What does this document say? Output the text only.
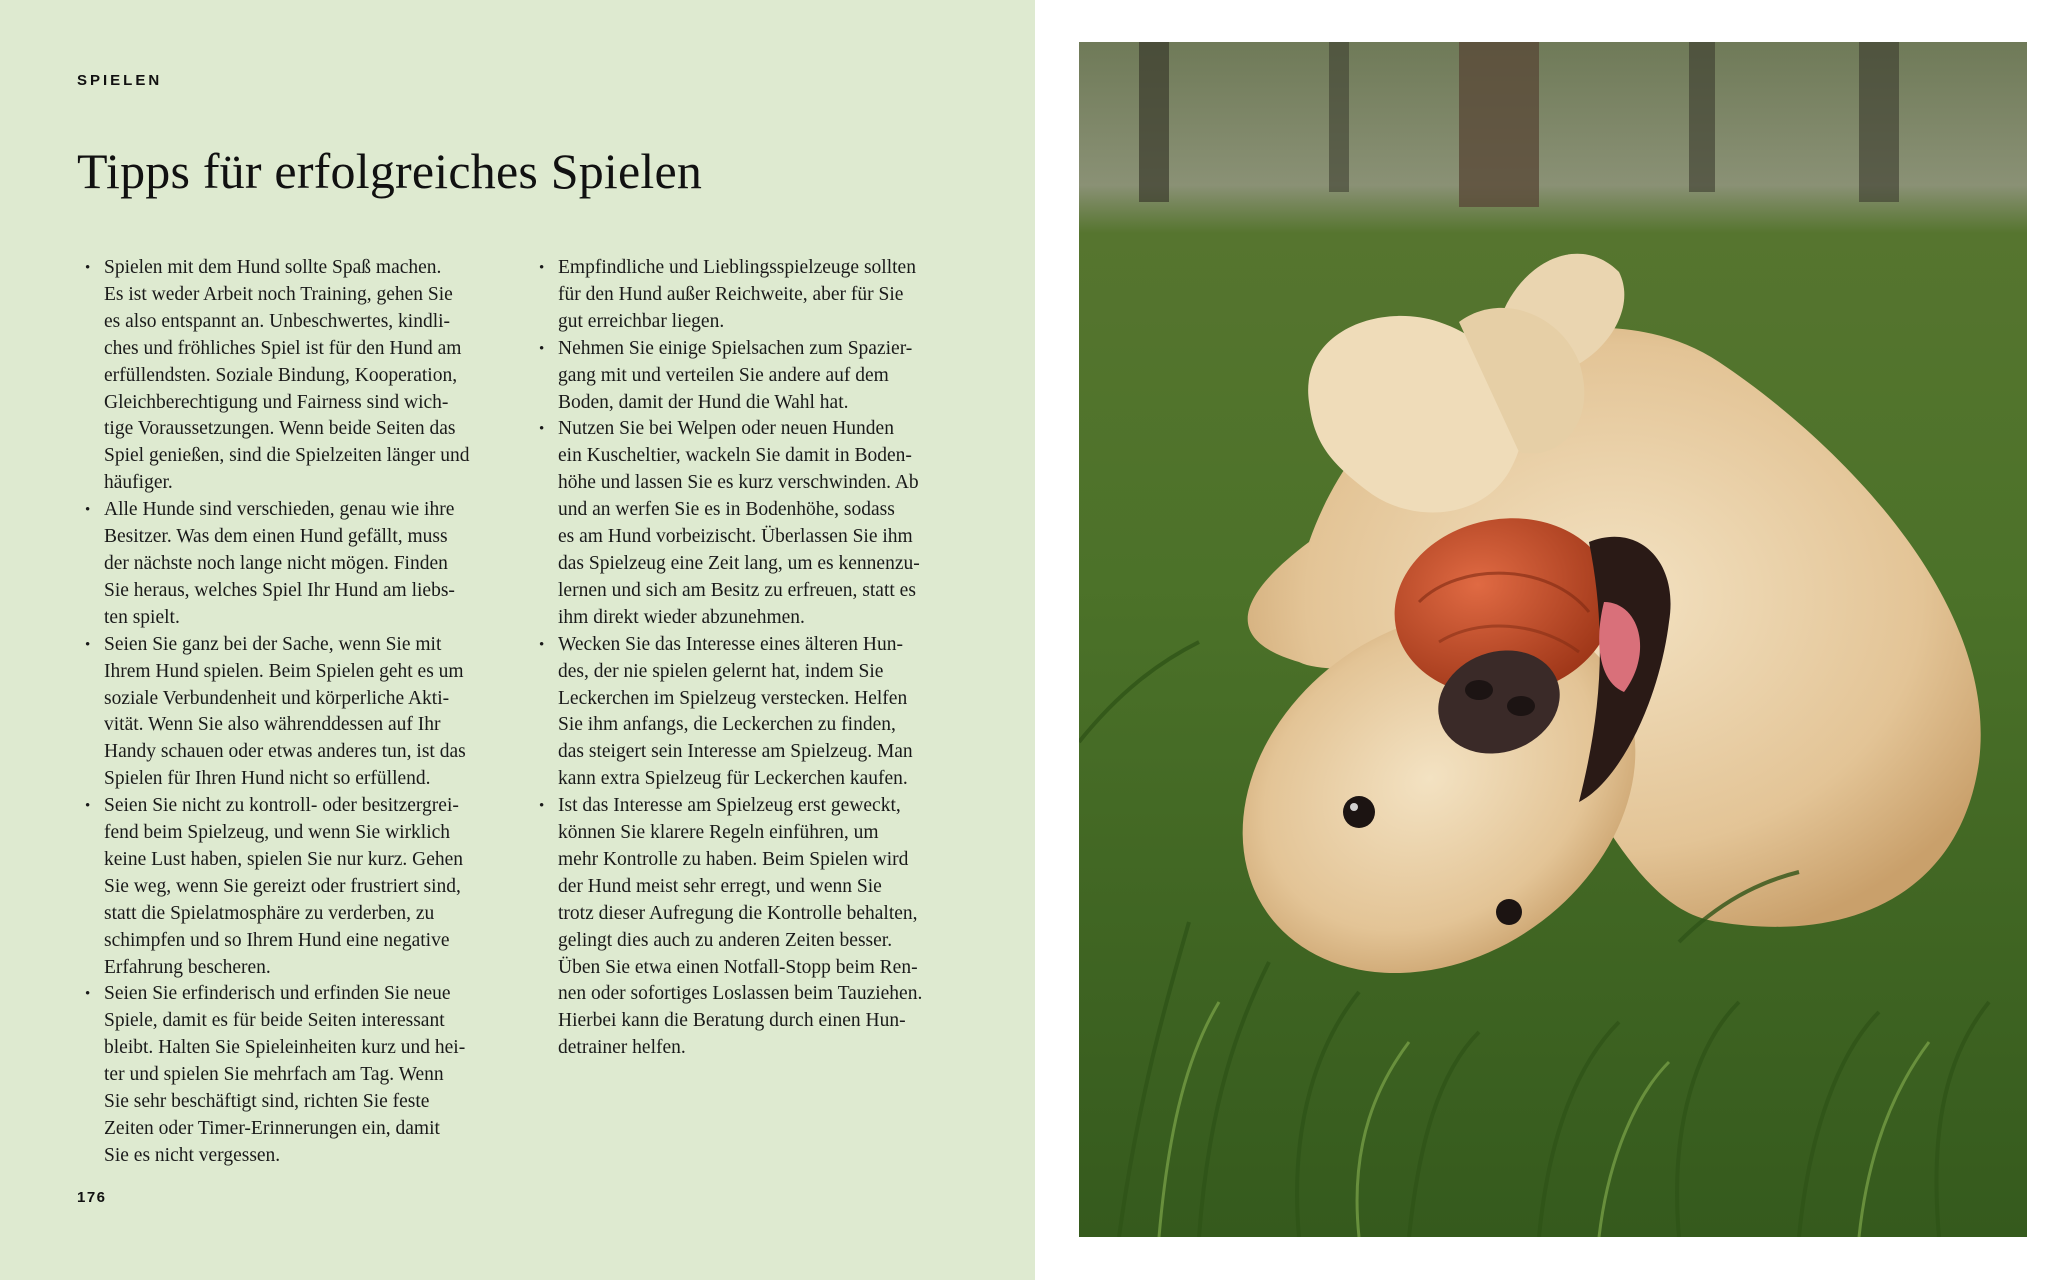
SPIELEN
Tipps für erfolgreiches Spielen
• Spielen mit dem Hund sollte Spaß machen.
Es ist weder Arbeit noch Training, gehen Sie
es also entspannt an. Unbeschwertes, kindli-
ches und fröhliches Spiel ist für den Hund am
erfüllendsten. Soziale Bindung, Kooperation,
Gleichberechtigung und Fairness sind wich-
tige Voraussetzungen. Wenn beide Seiten das
Spiel genießen, sind die Spielzeiten länger und
häufiger.
• Alle Hunde sind verschieden, genau wie ihre
Besitzer. Was dem einen Hund gefällt, muss
der nächste noch lange nicht mögen. Finden
Sie heraus, welches Spiel Ihr Hund am liebs-
ten spielt.
• Seien Sie ganz bei der Sache, wenn Sie mit
Ihrem Hund spielen. Beim Spielen geht es um
soziale Verbundenheit und körperliche Akti-
vität. Wenn Sie also währenddessen auf Ihr
Handy schauen oder etwas anderes tun, ist das
Spielen für Ihren Hund nicht so erfüllend.
• Seien Sie nicht zu kontroll- oder besitzergrei-
fend beim Spielzeug, und wenn Sie wirklich
keine Lust haben, spielen Sie nur kurz. Gehen
Sie weg, wenn Sie gereizt oder frustriert sind,
statt die Spielatmosphäre zu verderben, zu
schimpfen und so Ihrem Hund eine negative
Erfahrung bescheren.
• Seien Sie erfinderisch und erfinden Sie neue
Spiele, damit es für beide Seiten interessant
bleibt. Halten Sie Spieleinheiten kurz und hei-
ter und spielen Sie mehrfach am Tag. Wenn
Sie sehr beschäftigt sind, richten Sie feste
Zeiten oder Timer-Erinnerungen ein, damit
Sie es nicht vergessen.
• Empfindliche und Lieblingsspielzeuge sollten
für den Hund außer Reichweite, aber für Sie
gut erreichbar liegen.
• Nehmen Sie einige Spielsachen zum Spazier-
gang mit und verteilen Sie andere auf dem
Boden, damit der Hund die Wahl hat.
• Nutzen Sie bei Welpen oder neuen Hunden
ein Kuscheltier, wackeln Sie damit in Boden-
höhe und lassen Sie es kurz verschwinden. Ab
und an werfen Sie es in Bodenhöhe, sodass
es am Hund vorbeizischt. Überlassen Sie ihm
das Spielzeug eine Zeit lang, um es kennenzu-
lernen und sich am Besitz zu erfreuen, statt es
ihm direkt wieder abzunehmen.
• Wecken Sie das Interesse eines älteren Hun-
des, der nie spielen gelernt hat, indem Sie
Leckerchen im Spielzeug verstecken. Helfen
Sie ihm anfangs, die Leckerchen zu finden,
das steigert sein Interesse am Spielzeug. Man
kann extra Spielzeug für Leckerchen kaufen.
• Ist das Interesse am Spielzeug erst geweckt,
können Sie klarere Regeln einführen, um
mehr Kontrolle zu haben. Beim Spielen wird
der Hund meist sehr erregt, und wenn Sie
trotz dieser Aufregung die Kontrolle behalten,
gelingt dies auch zu anderen Zeiten besser.
Üben Sie etwa einen Notfall-Stopp beim Ren-
nen oder sofortiges Loslassen beim Tauziehen.
Hierbei kann die Beratung durch einen Hun-
detrainer helfen.
176
